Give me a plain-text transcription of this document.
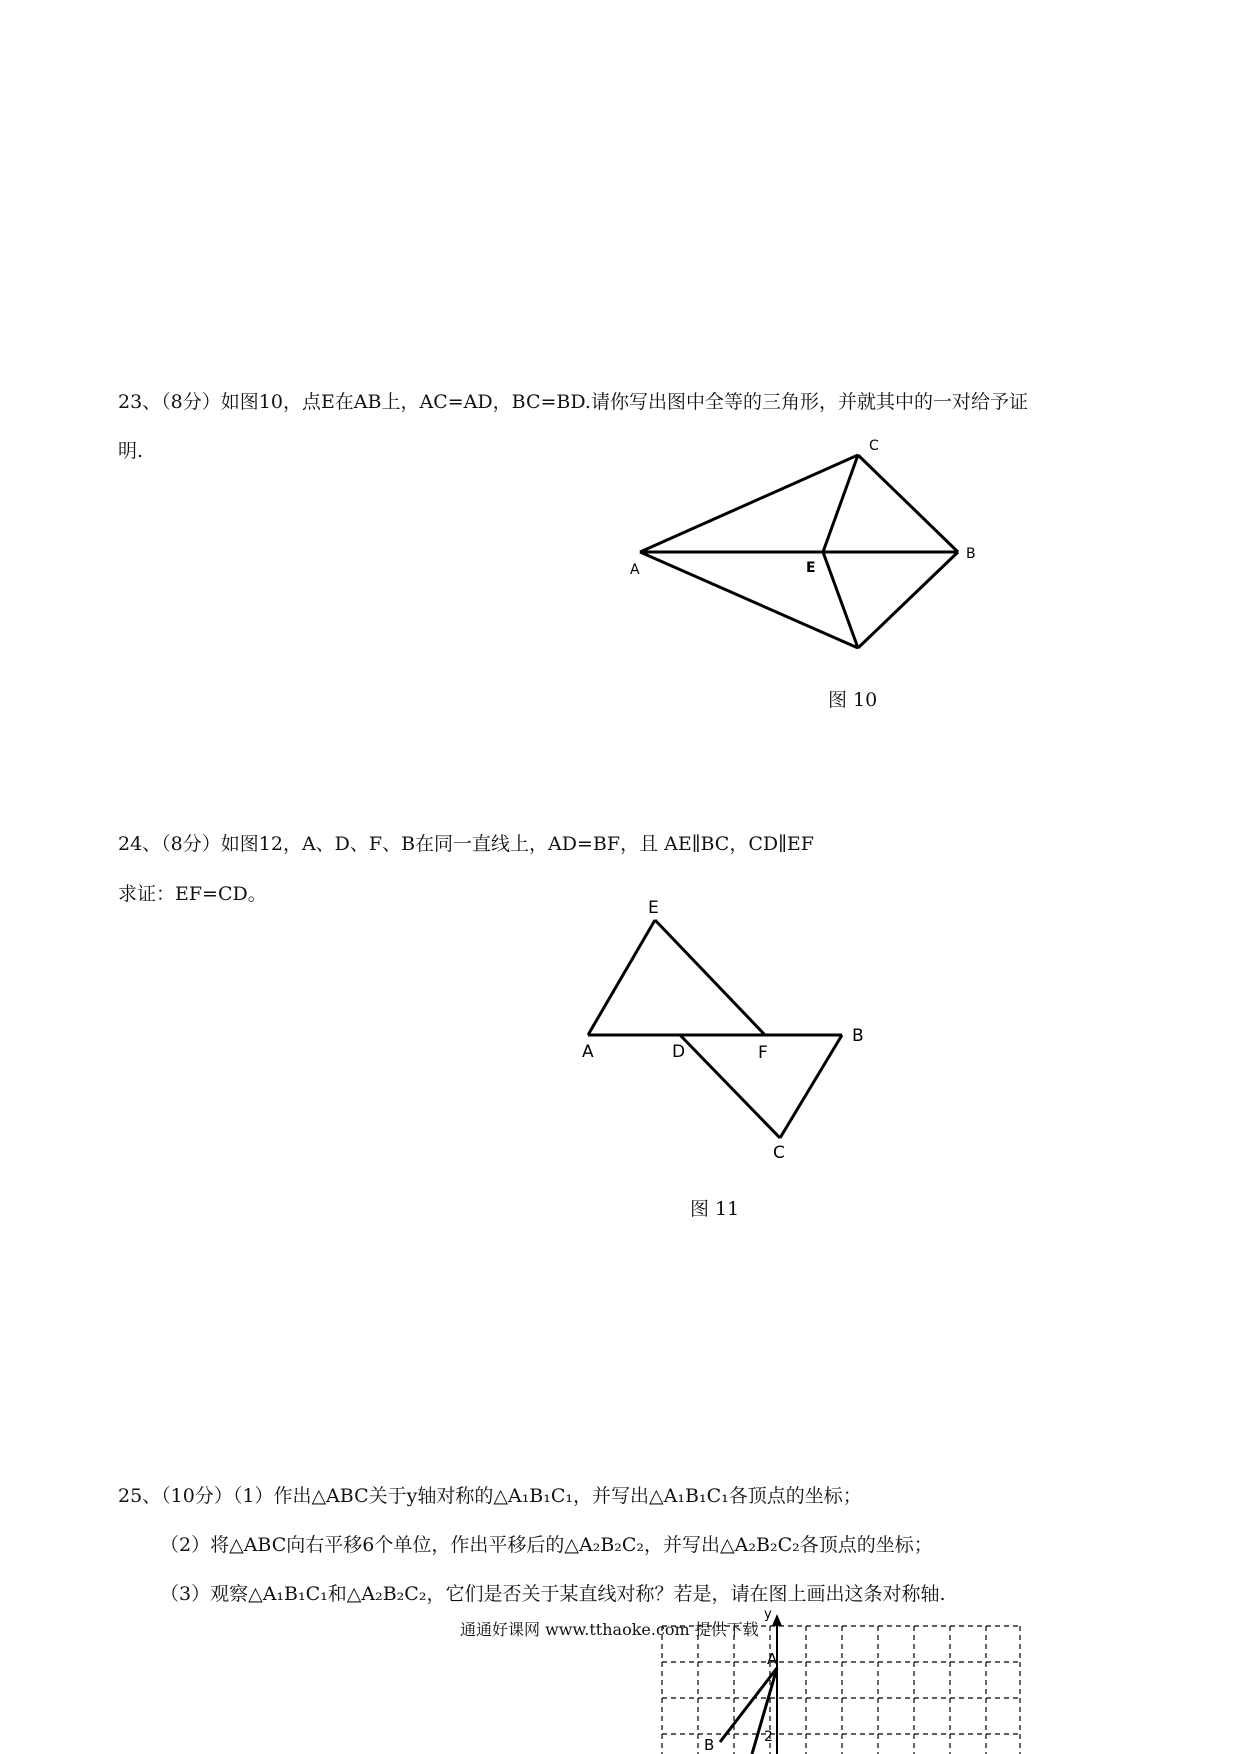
23、（8分）如图10，点E在AB上，AC=AD，BC=BD.请你写出图中全等的三角形，并就其中的一对给予证
明.	C
B
A	E
图 10
24、（8分）如图12，A、D、F、B在同一直线上，AD=BF，且 AE∥BC，CD∥EF
求证：EF=CD。
E
A	D	F
B
C
图 11
25、（10分）（1）作出△ABC关于y轴对称的△A₁B₁C₁，并写出△A₁B₁C₁各顶点的坐标；
（2）将△ABC向右平移6个单位，作出平移后的△A₂B₂C₂，并写出△A₂B₂C₂各顶点的坐标；
（3）观察△A₁B₁C₁和△A₂B₂C₂，它们是否关于某直线对称？若是，请在图上画出这条对称轴.
y
A
B	2
通通好课网 www.tthaoke.com 提供下载
